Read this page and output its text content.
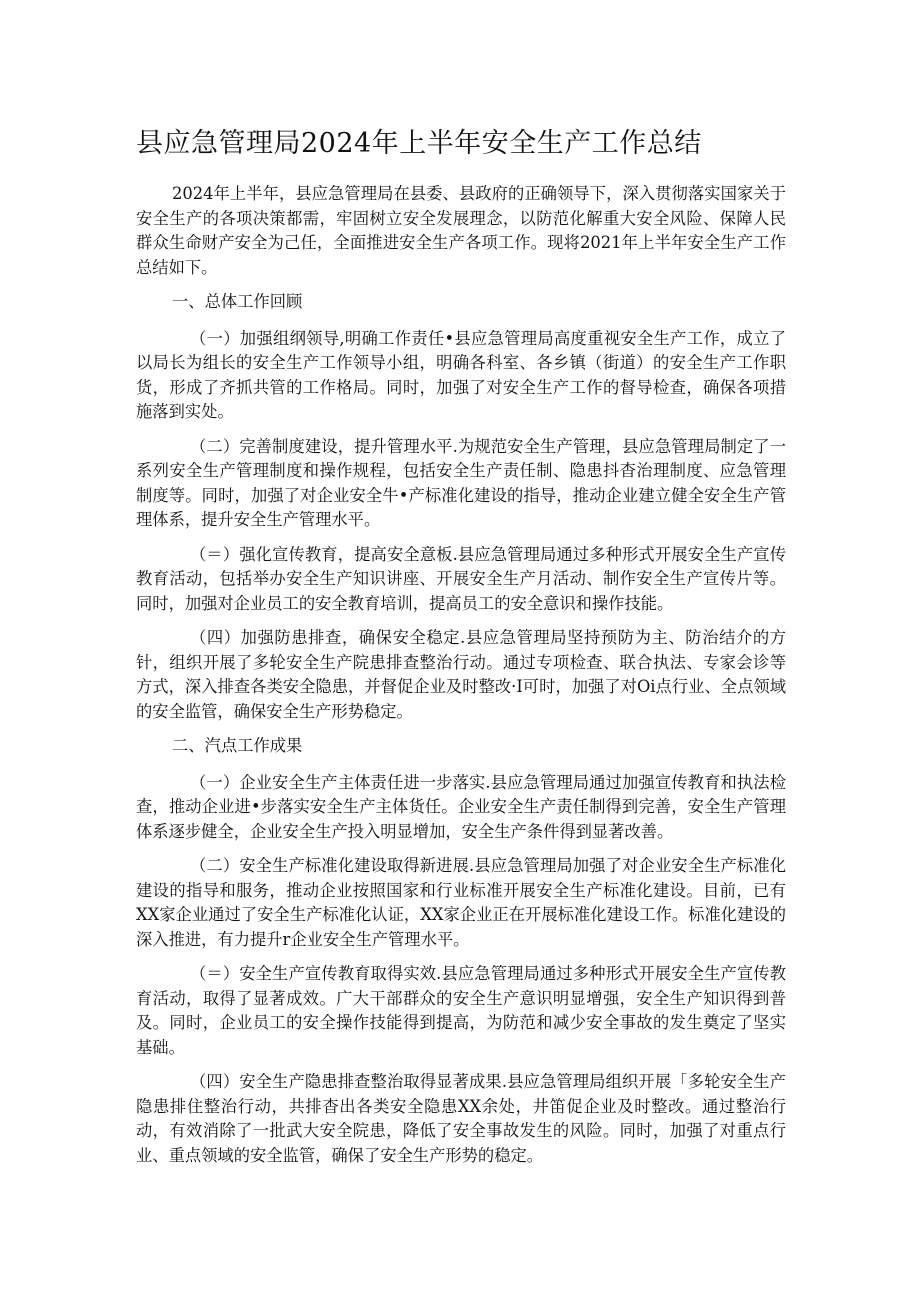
县应急管理局2024年上半年安全生产工作总结

2024年上半年，县应急管理局在县委、县政府的正确领导下，深入贯彻落实国家关于安全生产的各项决策都需，牢固树立安全发展理念，以防范化解重大安全风险、保障人民群众生命财产安全为己任，全面推进安全生产各项工作。现将2021年上半年安全生产工作总结如下。

一、总体工作回顾

（一）加强组纲领导,明确工作责任•县应急管理局高度重视安全生产工作，成立了以局长为组长的安全生产工作领导小组，明确各科室、各乡镇（街道）的安全生产工作职货，形成了齐抓共管的工作格局。同时，加强了对安全生产工作的督导检查，确保各项措施落到实处。

（二）完善制度建设，提升管理水平.为规范安全生产管理，县应急管理局制定了一系列安全生产管理制度和操作规程，包括安全生产责任制、隐患抖杳治理制度、应急管理制度等。同时，加强了对企业安全牛•产标准化建设的指导，推动企业建立健全安全生产管理体系，提升安全生产管理水平。

（＝）强化宣传教育，提高安全意板.县应急管理局通过多种形式开展安全生产宣传教育活动，包括举办安全生产知识讲座、开展安全生产月活动、制作安全生产宣传片等。同时，加强对企业员工的安全教育培训，提高员工的安全意识和操作技能。

（四）加强防患排查，确保安全稳定.县应急管理局坚持预防为主、防治结介的方针，组织开展了多轮安全生产院患排查整治行动。通过专项检查、联合执法、专家会诊等方式，深入排查各类安全隐患，并督促企业及时整改·I可时，加强了对Oi点行业、全点领域的安全监管，确保安全生产形势稳定。

二、汽点工作成果

（一）企业安全生产主体责任进一步落实.县应急管理局通过加强宣传教育和执法检查，推动企业进•步落实安全生产主体货任。企业安全生产责任制得到完善，安全生产管理体系逐步健全，企业安全生产投入明显增加，安全生产条件得到显著改善。

（二）安全生产标准化建设取得新进展.县应急管理局加强了对企业安全生产标准化建设的指导和服务，推动企业按照国家和行业标准开展安全生产标准化建设。目前，已有XX家企业通过了安全生产标准化认证，XX家企业正在开展标准化建设工作。标准化建设的深入推进，有力提升r企业安全生产管理水平。

（＝）安全生产宣传教育取得实效.县应急管理局通过多种形式开展安全生产宣传教育活动，取得了显著成效。广大干部群众的安全生产意识明显增强，安全生产知识得到普及。同时，企业员工的安全操作技能得到提高，为防范和减少安全事故的发生奠定了坚实基础。

（四）安全生产隐患排查整治取得显著成果.县应急管理局组织开展「多轮安全生产隐患排住整治行动，共排杳出各类安全隐患XX余处，井笛促企业及时整改。通过整治行动，有效消除了一批武大安全院患，降低了安全事故发生的风险。同时，加强了对重点行业、重点领域的安全监管，确保了安全生产形势的稳定。
